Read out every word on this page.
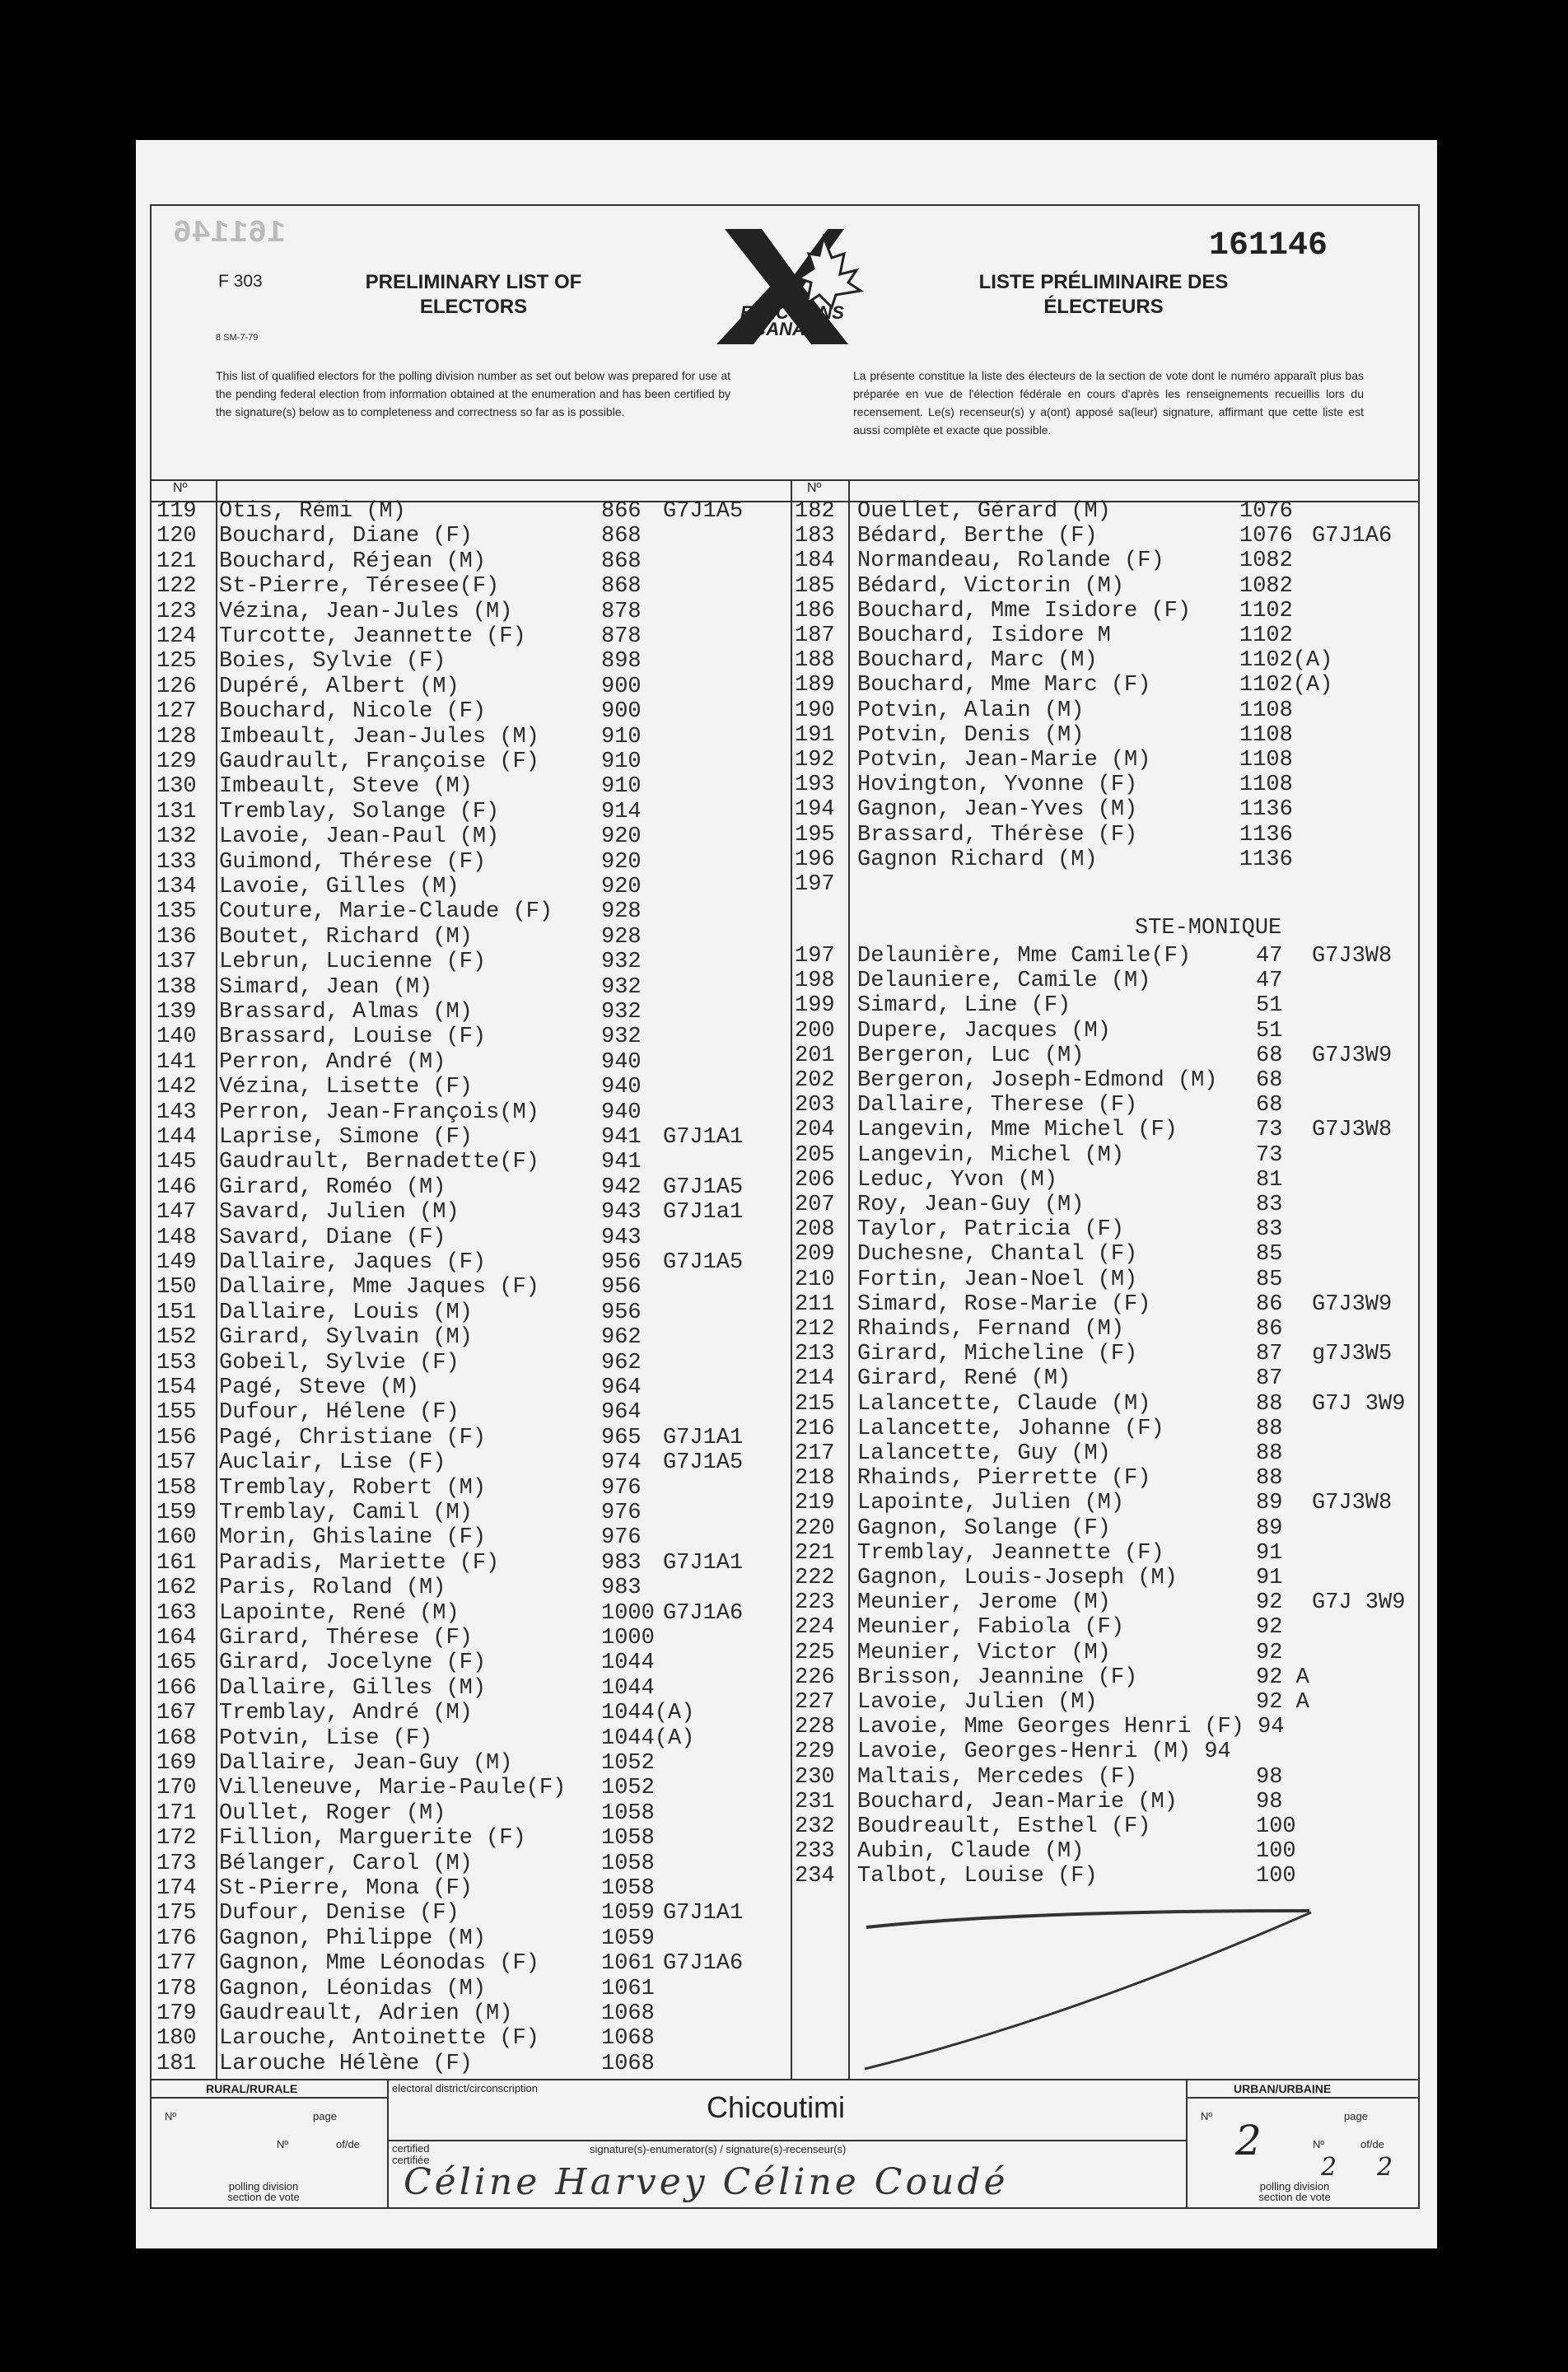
161146	161146
F 303
8 SM-7-79
PRELIMINARY LIST OF ELECTORS
LISTE PRÉLIMINAIRE DES ÉLECTEURS
ELECTIONS CANADA
This list of qualified electors for the polling division number as set out below was prepared for use at the pending federal election from information obtained at the enumeration and has been certified by the signature(s) below as to completeness and correctness so far as is possible.
La présente constitue la liste des électeurs de la section de vote dont le numéro apparaît plus bas préparée en vue de l'élection fédérale en cours d'après les renseignements recueillis lors du recensement. Le(s) recenseur(s) y a(ont) apposé sa(leur) signature, affirmant que cette liste est aussi complète et exacte que possible.
Nº	Nº
119	Otis, Rémi (M)	866 G7J1A5
120	Bouchard, Diane (F)	868
121	Bouchard, Réjean (M)	868
122	St-Pierre, Téresee(F)	868
123	Vézina, Jean-Jules (M)	878
124	Turcotte, Jeannette (F)	878
125	Boies, Sylvie (F)	898
126	Dupéré, Albert (M)	900
127	Bouchard, Nicole (F)	900
128	Imbeault, Jean-Jules (M)	910
129	Gaudrault, Françoise (F)	910
130	Imbeault, Steve (M)	910
131	Tremblay, Solange (F)	914
132	Lavoie, Jean-Paul (M)	920
133	Guimond, Thérese (F)	920
134	Lavoie, Gilles (M)	920
135	Couture, Marie-Claude (F) 928
136	Boutet, Richard (M)	928
137	Lebrun, Lucienne (F)	932
138	Simard, Jean (M)	932
139	Brassard, Almas (M)	932
140	Brassard, Louise (F)	932
141	Perron, André (M)	940
142	Vézina, Lisette (F)	940
143	Perron, Jean-François(M)	940
144	Laprise, Simone (F)	941 G7J1A1
145	Gaudrault, Bernadette(F)	941
146	Girard, Roméo (M)	942 G7J1A5
147	Savard, Julien (M)	943 G7J1a1
148	Savard, Diane (F)	943
149	Dallaire, Jaques (F)	956 G7J1A5
150	Dallaire, Mme Jaques (F)	956
151	Dallaire, Louis (M)	956
152	Girard, Sylvain (M)	962
153	Gobeil, Sylvie (F)	962
154	Pagé, Steve (M)	964
155	Dufour, Hélene (F)	964
156	Pagé, Christiane (F)	965 G7J1A1
157	Auclair, Lise (F)	974 G7J1A5
158	Tremblay, Robert (M)	976
159	Tremblay, Camil (M)	976
160	Morin, Ghislaine (F)	976
161	Paradis, Mariette (F)	983 G7J1A1
162	Paris, Roland (M)	983
163	Lapointe, René (M)	1000 G7J1A6
164	Girard, Thérese (F)	1000
165	Girard, Jocelyne (F)	1044
166	Dallaire, Gilles (M)	1044
167	Tremblay, André (M)	1044(A)
168	Potvin, Lise (F)	1044(A)
169	Dallaire, Jean-Guy (M)	1052
170	Villeneuve, Marie-Paule(F) 1052
171	Oullet, Roger (M)	1058
172	Fillion, Marguerite (F)	1058
173	Bélanger, Carol (M)	1058
174	St-Pierre, Mona (F)	1058
175	Dufour, Denise (F)	1059 G7J1A1
176	Gagnon, Philippe (M)	1059
177	Gagnon, Mme Léonodas (F)	1061 G7J1A6
178	Gagnon, Léonidas (M)	1061
179	Gaudreault, Adrien (M)	1068
180	Larouche, Antoinette (F)	1068
181	Larouche Hélène (F)	1068
182	Ouellet, Gérard (M)	1076
183	Bédard, Berthe (F)	1076 G7J1A6
184	Normandeau, Rolande (F)	1082
185	Bédard, Victorin (M)	1082
186	Bouchard, Mme Isidore (F) 1102
187	Bouchard, Isidore M	1102
188	Bouchard, Marc (M)	1102(A)
189	Bouchard, Mme Marc (F)	1102(A)
190	Potvin, Alain (M)	1108
191	Potvin, Denis (M)	1108
192	Potvin, Jean-Marie (M)	1108
193	Hovington, Yvonne (F)	1108
194	Gagnon, Jean-Yves (M)	1136
195	Brassard, Thérèse (F)	1136
196	Gagnon Richard (M)	1136
197
STE-MONIQUE
197	Delaunière, Mme Camile(F)	47 G7J3W8
198	Delauniere, Camile (M)	47
199	Simard, Line (F)	51
200	Dupere, Jacques (M)	51
201	Bergeron, Luc (M)	68 G7J3W9
202	Bergeron, Joseph-Edmond (M) 68
203	Dallaire, Therese (F)	68
204	Langevin, Mme Michel (F)	73 G7J3W8
205	Langevin, Michel (M)	73
206	Leduc, Yvon (M)	81
207	Roy, Jean-Guy (M)	83
208	Taylor, Patricia (F)	83
209	Duchesne, Chantal (F)	85
210	Fortin, Jean-Noel (M)	85
211	Simard, Rose-Marie (F)	86 G7J3W9
212	Rhainds, Fernand (M)	86
213	Girard, Micheline (F)	87 g7J3W5
214	Girard, René (M)	87
215	Lalancette, Claude (M)	88 G7J 3W9
216	Lalancette, Johanne (F)	88
217	Lalancette, Guy (M)	88
218	Rhainds, Pierrette (F)	88
219	Lapointe, Julien (M)	89 G7J3W8
220	Gagnon, Solange (F)	89
221	Tremblay, Jeannette (F)	91
222	Gagnon, Louis-Joseph (M)	91
223	Meunier, Jerome (M)	92 G7J 3W9
224	Meunier, Fabiola (F)	92
225	Meunier, Victor (M)	92
226	Brisson, Jeannine (F)	92 A
227	Lavoie, Julien (M)	92 A
228	Lavoie, Mme Georges Henri (F) 94
229	Lavoie, Georges-Henri (M) 94
230	Maltais, Mercedes (F)	98
231	Bouchard, Jean-Marie (M)	98
232	Boudreault, Esthel (F)	100
233	Aubin, Claude (M)	100
234	Talbot, Louise (F)	100
RURAL/RURALE	URBAN/URBAINE
Nº	page
Nº	of/de
polling division section de vote
electoral district/circonscription
Chicoutimi
certified certifiée
signature(s)-enumerator(s) / signature(s)-recenseur(s)
Céline Harvey Céline Coudé
Nº	page
2	Nº	of/de
2 2
polling division section de vote
